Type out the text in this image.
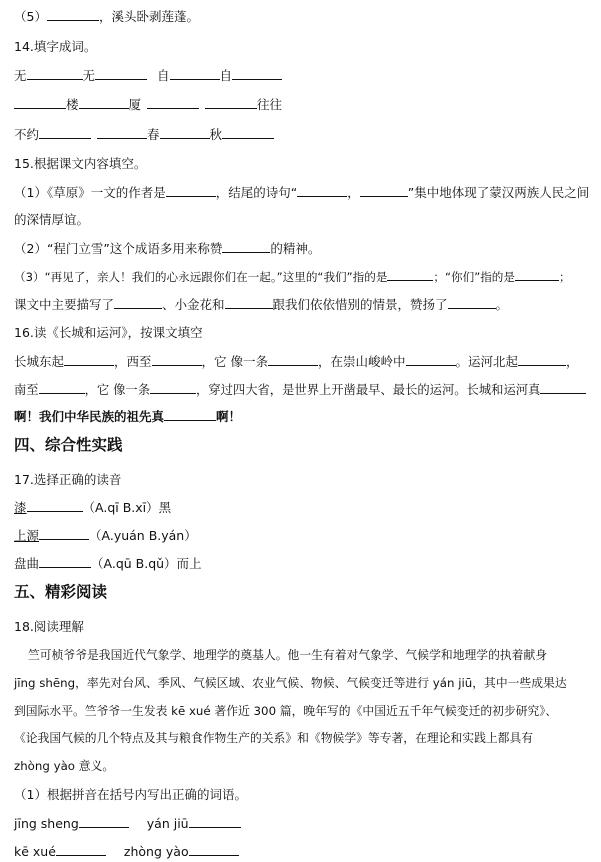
（5）	，溪头卧剥莲蓬。
14.填字成词。
无	无	自	自
楼	厦	往往
不约	春	秋
15.根据课文内容填空。
（1）《草原》一文的作者是	，结尾的诗句“	，	”集中地体现了蒙汉两族人民之间
的深情厚谊。
（2）“程门立雪”这个成语多用来称赞	的精神。
（3）“再见了，亲人！我们的心永远跟你们在一起。”这里的“我们”指的是	；“你们”指的是	；
课文中主要描写了	、小金花和	跟我们依依惜别的情景，赞扬了	。
16.读《长城和运河》，按课文填空
长城东起	，西至	，它 像一条	，在崇山峻岭中	。运河北起	，
南至	，它 像一条	，穿过四大省，是世界上开凿最早、最长的运河。长城和运河真
啊！我们中华民族的祖先真	啊！
四、综合性实践
17.选择正确的读音
漆	（A.qī B.xī）黑
上源	（A.yuán B.yán）
盘曲	（A.qū B.qǔ）而上
五、精彩阅读
18.阅读理解
竺可桢爷爷是我国近代气象学、地理学的奠基人。他一生有着对气象学、气候学和地理学的执着献身
jīng shēng，率先对台风、季风、气候区域、农业气候、物候、气候变迁等进行 yán jiū，其中一些成果达
到国际水平。竺爷爷一生发表 kē xué 著作近 300 篇，晚年写的《中国近五千年气候变迁的初步研究》、
《论我国气候的几个特点及其与粮食作物生产的关系》和《物候学》等专著，在理论和实践上都具有
zhòng yào 意义。
（1）根据拼音在括号内写出正确的词语。
jīng sheng	yán jiū
kē xué	zhòng yào
